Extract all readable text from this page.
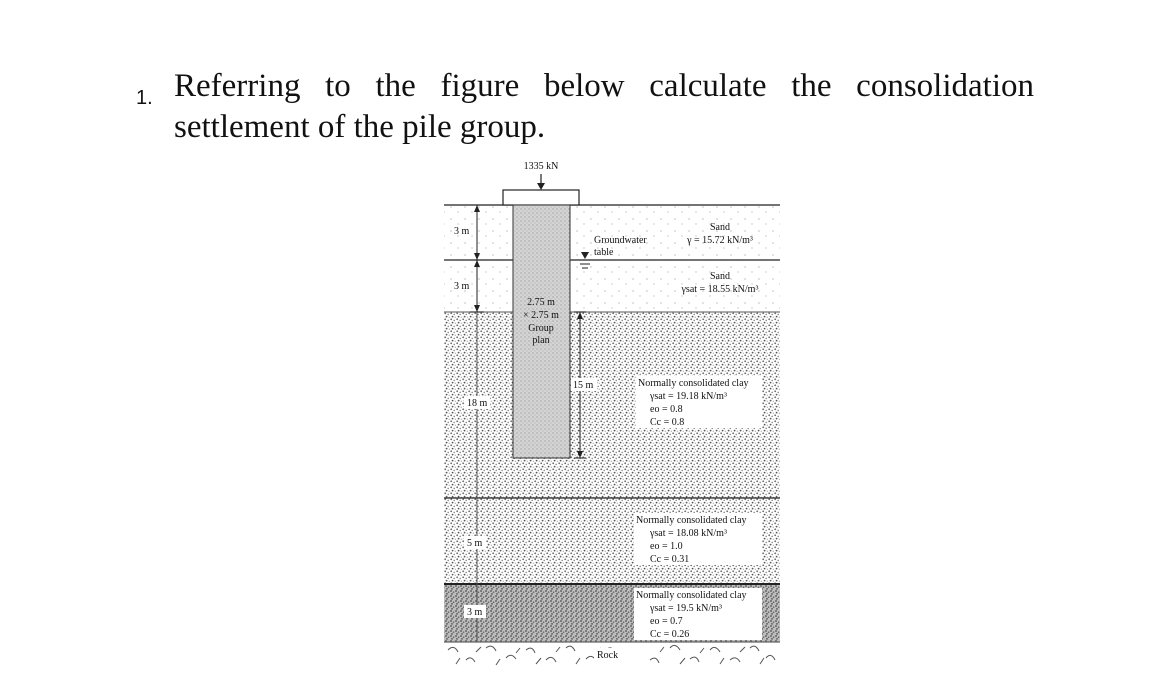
1. Referring to the figure below calculate the consolidation
settlement of the pile group.
1335 kN
2.75 m
× 2.75 m
Group
plan
Groundwater
table
3 m
3 m
18 m
5 m
3 m
15 m
Sand
γ = 15.72 kN/m³
Sand
γsat = 18.55 kN/m³
Normally consolidated clay
γsat = 19.18 kN/m³
eo = 0.8
Cc = 0.8
Normally consolidated clay
γsat = 18.08 kN/m³
eo = 1.0
Cc = 0.31
Normally consolidated clay
γsat = 19.5 kN/m³
eo = 0.7
Cc = 0.26
Rock
